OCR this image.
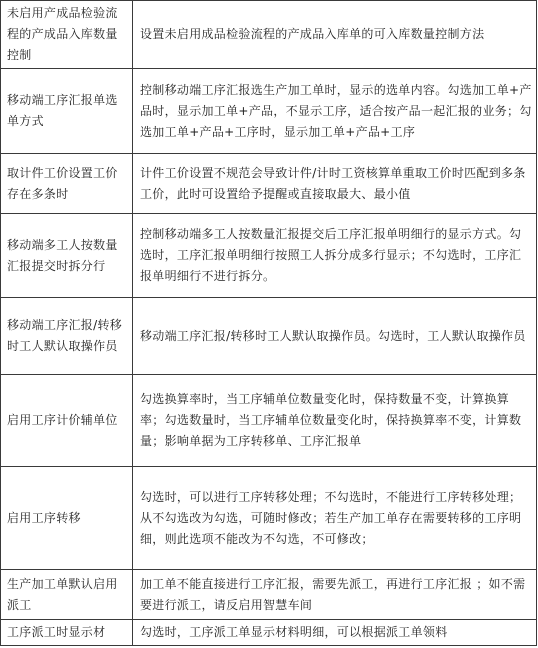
未启用产成品检验流程的产成品入库数量控制	设置未启用成品检验流程的产成品入库单的可入库数量控制方法
移动端工序汇报单选单方式	控制移动端工序汇报选生产加工单时，显示的选单内容。勾选加工单+产品时，显示加工单+产品，不显示工序，适合按产品一起汇报的业务；勾选加工单+产品+工序时，显示加工单+产品+工序
取计件工价设置工价存在多条时	计件工价设置不规范会导致计件/计时工资核算单重取工价时匹配到多条工价，此时可设置给予提醒或直接取最大、最小值
移动端多工人按数量汇报提交时拆分行	控制移动端多工人按数量汇报提交后工序汇报单明细行的显示方式。勾选时，工序汇报单明细行按照工人拆分成多行显示；不勾选时，工序汇报单明细行不进行拆分。
移动端工序汇报/转移时工人默认取操作员	移动端工序汇报/转移时工人默认取操作员。勾选时，工人默认取操作员
启用工序计价辅单位	勾选换算率时，当工序辅单位数量变化时，保持数量不变，计算换算率；勾选数量时，当工序辅单位数量变化时，保持换算率不变，计算数量；影响单据为工序转移单、工序汇报单
启用工序转移	勾选时，可以进行工序转移处理；不勾选时，不能进行工序转移处理；从不勾选改为勾选，可随时修改；若生产加工单存在需要转移的工序明细，则此选项不能改为不勾选，不可修改；
生产加工单默认启用派工	加工单不能直接进行工序汇报，需要先派工，再进行工序汇报 ；如不需要进行派工，请反启用智慧车间
工序派工时显示材	勾选时，工序派工单显示材料明细，可以根据派工单领料
